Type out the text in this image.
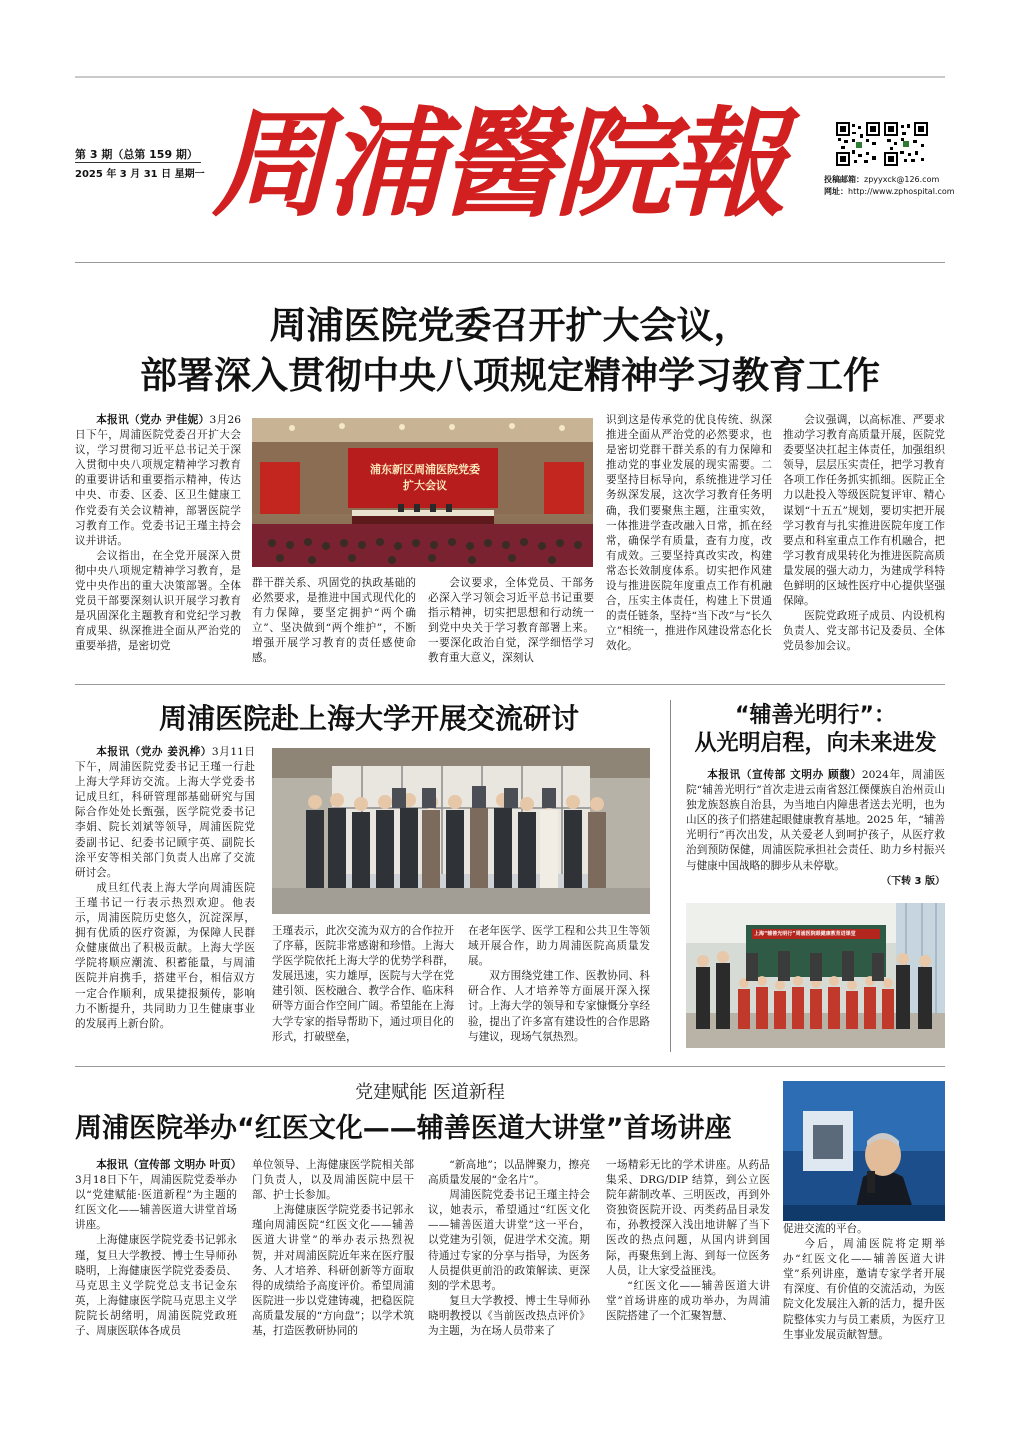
第 3 期（总第 159 期）
2025 年 3 月 31 日 星期一 周浦醫院報	投稿邮箱：zpyyxck@126.com
网址：http://www.zphospital.com
周浦医院党委召开扩大会议，
部署深入贯彻中央八项规定精神学习教育工作

本报讯（党办 尹佳妮）3月26日下午，周浦医院党委召开扩大会议，学习贯彻习近平总书记关于深入贯彻中央八项规定精神学习教育的重要讲话和重要指示精神，传达中央、市委、区委、区卫生健康工作党委有关会议精神，部署医院学习教育工作。党委书记王瑾主持会议并讲话。

会议指出，在全党开展深入贯彻中央八项规定精神学习教育，是党中央作出的重大决策部署。全体党员干部要深刻认识开展学习教育是巩固深化主题教育和党纪学习教育成果、纵深推进全面从严治党的重要举措，是密切党

浦东新区周浦医院党委
扩大会议
群干群关系、巩固党的执政基础的必然要求，是推进中国式现代化的有力保障，要坚定拥护“两个确立”、坚决做到“两个维护”，不断增强开展学习教育的责任感使命感。

会议要求，全体党员、干部务必深入学习领会习近平总书记重要指示精神，切实把思想和行动统一到党中央关于学习教育部署上来。一要深化政治自觉，深学细悟学习教育重大意义，深刻认

识到这是传承党的优良传统、纵深推进全面从严治党的必然要求，也是密切党群干群关系的有力保障和推动党的事业发展的现实需要。二要坚持目标导向，系统推进学习任务纵深发展，这次学习教育任务明确，我们要聚焦主题，注重实效，一体推进学查改融入日常，抓在经常，确保学有质量，查有力度，改有成效。三要坚持真改实改，构建常态长效制度体系。切实把作风建设与推进医院年度重点工作有机融合，压实主体责任，构建上下贯通的责任链条，坚持“当下改”与“长久立”相统一，推进作风建设常态化长效化。

会议强调，以高标准、严要求推动学习教育高质量开展，医院党委要坚决扛起主体责任，加强组织领导，层层压实责任，把学习教育各项工作任务抓实抓细。医院正全力以赴投入等级医院复评审、精心谋划“十五五”规划，要切实把开展学习教育与扎实推进医院年度工作要点和科室重点工作有机融合，把学习教育成果转化为推进医院高质量发展的强大动力，为建成学科特色鲜明的区域性医疗中心提供坚强保障。

医院党政班子成员、内设机构负责人、党支部书记及委员、全体党员参加会议。

周浦医院赴上海大学开展交流研讨

本报讯（党办 姜汎桦）3月11日下午，周浦医院党委书记王瑾一行赴上海大学拜访交流。上海大学党委书记成旦红，科研管理部基础研究与国际合作处处长甄强，医学院党委书记李娟、院长刘斌等领导，周浦医院党委副书记、纪委书记顾宇英、副院长涂平安等相关部门负责人出席了交流研讨会。

成旦红代表上海大学向周浦医院王瑾书记一行表示热烈欢迎。他表示，周浦医院历史悠久，沉淀深厚，拥有优质的医疗资源，为保障人民群众健康做出了积极贡献。上海大学医学院将顺应潮流、积蓄能量，与周浦医院并肩携手，搭建平台，相信双方一定合作顺利，成果捷报频传，影响力不断提升，共同助力卫生健康事业的发展再上新台阶。

王瑾表示，此次交流为双方的合作拉开了序幕，医院非常感谢和珍惜。上海大学医学院依托上海大学的优势学科群，发展迅速，实力雄厚，医院与大学在党建引领、医校融合、教学合作、临床科研等方面合作空间广阔。希望能在上海大学专家的指导帮助下，通过项目化的形式，打破壁垒，

在老年医学、医学工程和公共卫生等领域开展合作，助力周浦医院高质量发展。

双方围绕党建工作、医教协同、科研合作、人才培养等方面展开深入探讨。上海大学的领导和专家慷慨分享经验，提出了许多富有建设性的合作思路与建议，现场气氛热烈。

“辅善光明行”：
从光明启程，向未来进发

本报讯（宣传部 文明办 顾馥）2024年，周浦医院“辅善光明行”首次走进云南省怒江傈僳族自治州贡山独龙族怒族自治县，为当地白内障患者送去光明，也为山区的孩子们搭建起眼健康教育基地。2025 年，“辅善光明行”再次出发，从关爱老人到呵护孩子，从医疗救治到预防保健，周浦医院承担社会责任、助力乡村振兴与健康中国战略的脚步从未停歇。

（下转 3 版）

上海“辅善光明行”周浦医院眼健康教育进课堂
党建赋能 医道新程
周浦医院举办“红医文化——辅善医道大讲堂”首场讲座

本报讯（宣传部 文明办 叶页）3月18日下午，周浦医院党委举办以“党建赋能·医道新程”为主题的红医文化——辅善医道大讲堂首场讲座。

上海健康医学院党委书记郭永瑾，复旦大学教授、博士生导师孙晓明，上海健康医学院党委委员、马克思主义学院党总支书记金东英，上海健康医学院马克思主义学院院长胡绪明，周浦医院党政班子、周康医联体各成员

单位领导、上海健康医学院相关部门负责人，以及周浦医院中层干部、护士长参加。

上海健康医学院党委书记郭永瑾向周浦医院“红医文化——辅善医道大讲堂”的举办表示热烈祝贺，并对周浦医院近年来在医疗服务、人才培养、科研创新等方面取得的成绩给予高度评价。希望周浦医院进一步以党建铸魂，把稳医院高质量发展的“方向盘”；以学术筑基，打造医教研协同的

“新高地”；以品牌聚力，擦亮高质量发展的“金名片”。

周浦医院党委书记王瑾主持会议，她表示，希望通过“红医文化——辅善医道大讲堂”这一平台，以党建为引领，促进学术交流。期待通过专家的分享与指导，为医务人员提供更前沿的政策解读、更深刻的学术思考。

复旦大学教授、博士生导师孙晓明教授以《当前医改热点评价》为主题，为在场人员带来了

一场精彩无比的学术讲座。从药品集采、DRG/DIP 结算，到公立医院年薪制改革、三明医改，再到外资独资医院开设、丙类药品目录发布，孙教授深入浅出地讲解了当下医改的热点问题，从国内讲到国际，再聚焦到上海、到每一位医务人员，让大家受益匪浅。

“红医文化——辅善医道大讲堂”首场讲座的成功举办，为周浦医院搭建了一个汇聚智慧、

促进交流的平台。

今后，周浦医院将定期举办“红医文化——辅善医道大讲堂”系列讲座，邀请专家学者开展有深度、有价值的交流活动，为医院文化发展注入新的活力，提升医院整体实力与员工素质，为医疗卫生事业发展贡献智慧。
